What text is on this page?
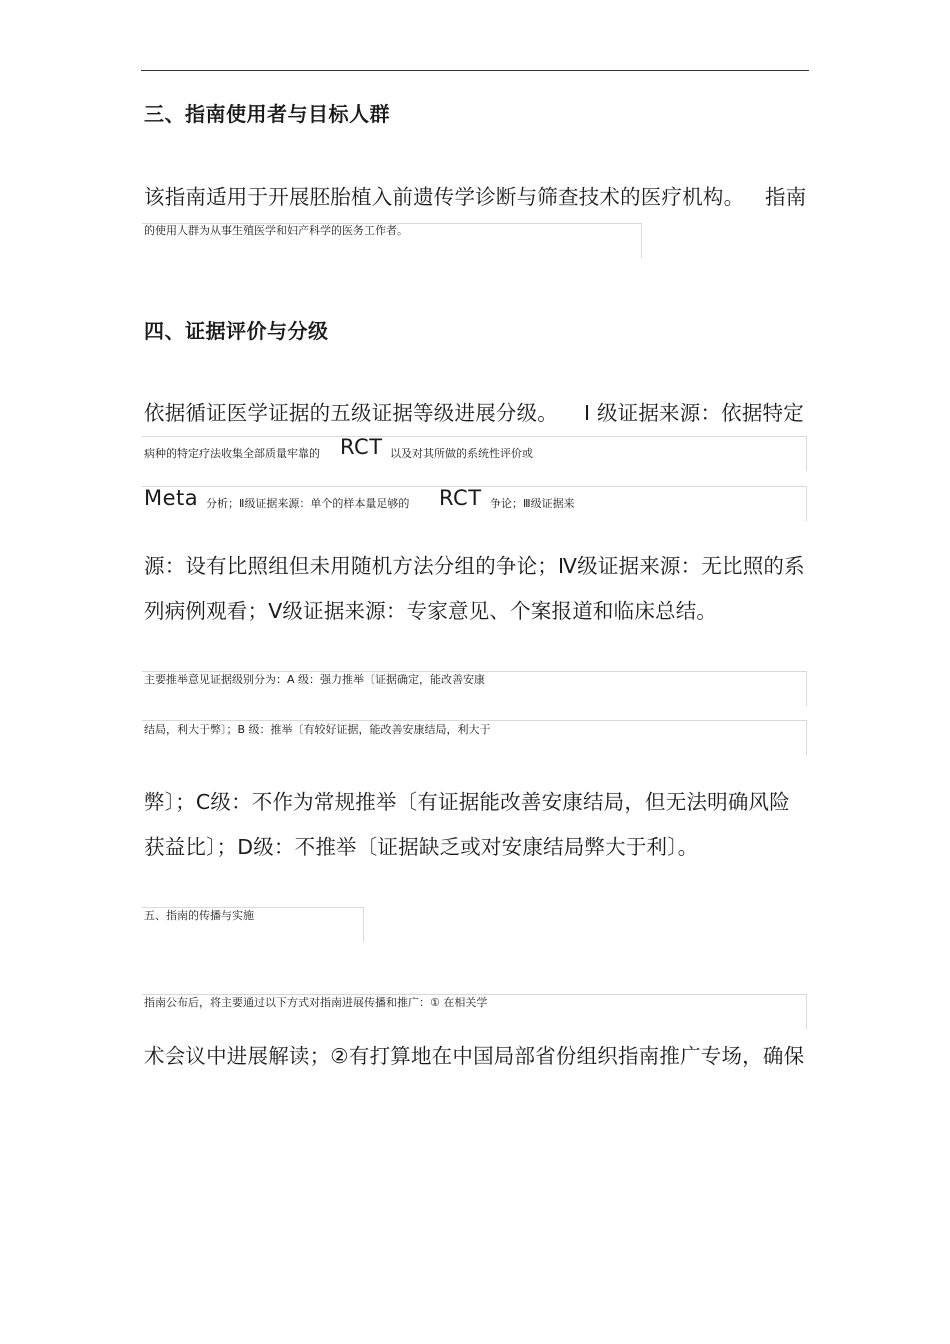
三、指南使用者与目标人群
该指南适用于开展胚胎植入前遗传学诊断与筛查技术的医疗机构。 指南
的使用人群为从事生殖医学和妇产科学的医务工作者。
四、证据评价与分级
依据循证医学证据的五级证据等级进展分级。 Ⅰ 级证据来源：依据特定
病种的特定疗法收集全部质量牢靠的 RCT 以及对其所做的系统性评价或
Meta 分析；Ⅱ级证据来源：单个的样本量足够的 RCT 争论；Ⅲ级证据来
源：设有比照组但未用随机方法分组的争论；Ⅳ级证据来源：无比照的系
列病例观看；Ⅴ级证据来源：专家意见、个案报道和临床总结。
主要推举意见证据级别分为：A 级：强力推举〔证据确定，能改善安康
结局，利大于弊〕；B 级：推举〔有较好证据，能改善安康结局，利大于
弊〕；C级：不作为常规推举〔有证据能改善安康结局，但无法明确风险
获益比〕；D级：不推举〔证据缺乏或对安康结局弊大于利〕。
五、指南的传播与实施
指南公布后，将主要通过以下方式对指南进展传播和推广：① 在相关学
术会议中进展解读；②有打算地在中国局部省份组织指南推广专场，确保
